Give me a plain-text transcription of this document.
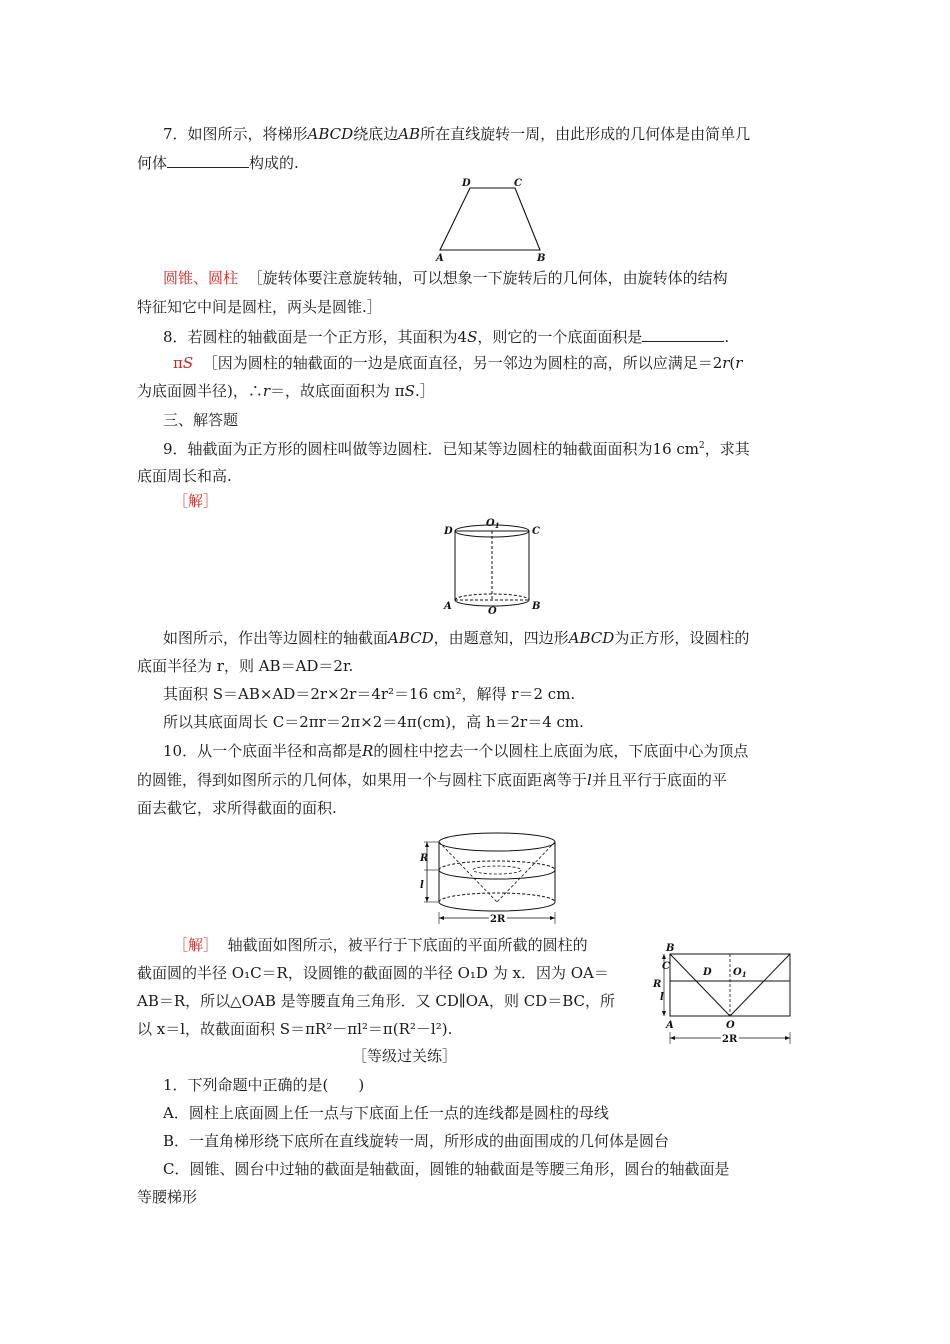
7．如图所示，将梯形ABCD绕底边AB所在直线旋转一周，由此形成的几何体是由简单几
何体	构成的.
D	C
A	B
圆锥、圆柱 ［旋转体要注意旋转轴，可以想象一下旋转后的几何体，由旋转体的结构
特征知它中间是圆柱，两头是圆锥.］
8．若圆柱的轴截面是一个正方形，其面积为4S，则它的一个底面面积是	.
πS ［因为圆柱的轴截面的一边是底面直径，另一邻边为圆柱的高，所以应满足＝2r(r
为底面圆半径)，∴r＝，故底面面积为 πS.］
三、解答题
9．轴截面为正方形的圆柱叫做等边圆柱．已知某等边圆柱的轴截面面积为16 $cm^2$，求其
底面周长和高.
［解］
D	C
$O_1$
A	B
O
如图所示，作出等边圆柱的轴截面ABCD，由题意知，四边形ABCD为正方形，设圆柱的
底面半径为 r，则 AB＝AD＝2r.
其面积 S＝AB×AD＝2r×2r＝4r²＝16 cm²，解得 r＝2 cm.
所以其底面周长 C＝2πr＝2π×2＝4π(cm)，高 h＝2r＝4 cm.
10．从一个底面半径和高都是R的圆柱中挖去一个以圆柱上底面为底，下底面中心为顶点
的圆锥，得到如图所示的几何体，如果用一个与圆柱下底面距离等于l并且平行于底面的平
面去截它，求所得截面的面积.
R
l
2R
［解］ 轴截面如图所示，被平行于下底面的平面所截的圆柱的
截面圆的半径 O₁C＝R，设圆锥的截面圆的半径 O₁D 为 x．因为 OA＝
AB＝R，所以△OAB 是等腰直角三角形．又 CD∥OA，则 CD＝BC，所
以 x＝l，故截面面积 S＝πR²－πl²＝π(R²－l²).
B
C
R
l
A
D $O_1$
O
2R
［等级过关练］
1．下列命题中正确的是(　　)
A．圆柱上底面圆上任一点与下底面上任一点的连线都是圆柱的母线
B．一直角梯形绕下底所在直线旋转一周，所形成的曲面围成的几何体是圆台
C．圆锥、圆台中过轴的截面是轴截面，圆锥的轴截面是等腰三角形，圆台的轴截面是
等腰梯形
